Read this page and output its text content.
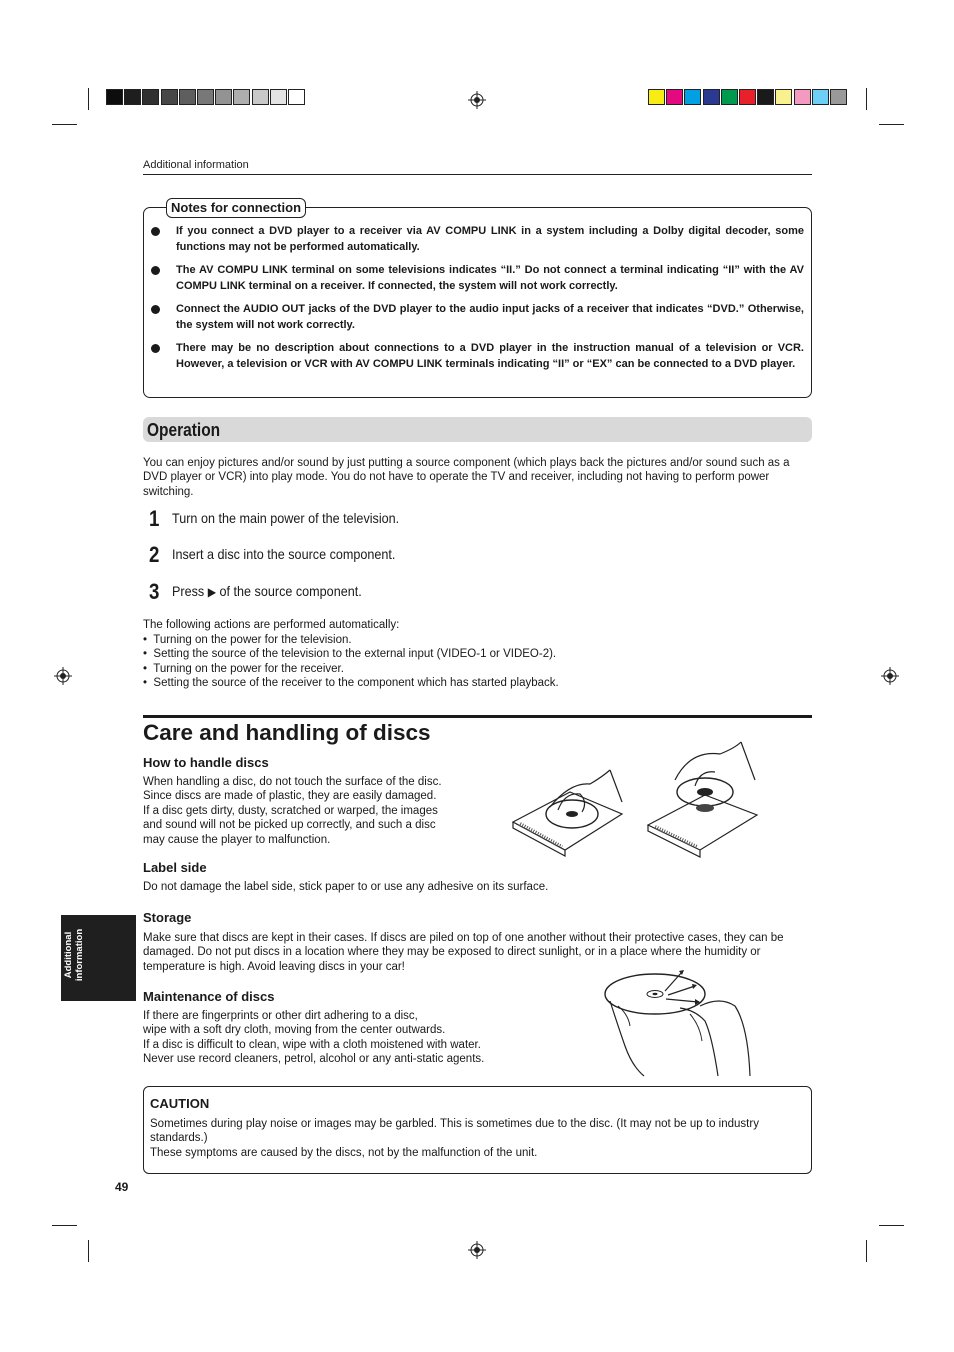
Additional information
Notes for connection
If you connect a DVD player to a receiver via AV COMPU LINK in a system including a Dolby digital decoder, some functions may not be performed automatically.
The AV COMPU LINK terminal on some televisions indicates “II.” Do not connect a terminal indicating “II” with the AV COMPU LINK terminal on a receiver. If connected, the system will not work correctly.
Connect the AUDIO OUT jacks of the DVD player to the audio input jacks of a receiver that indicates “DVD.” Otherwise, the system will not work correctly.
There may be no description about connections to a DVD player in the instruction manual of a television or VCR. However, a television or VCR with AV COMPU LINK terminals indicating “II” or “EX” can be connected to a DVD player.
Operation
You can enjoy pictures and/or sound by just putting a source component (which plays back the pictures and/or sound such as a DVD player or VCR) into play mode. You do not have to operate the TV and receiver, including not having to perform power switching.
1 Turn on the main power of the television.
2 Insert a disc into the source component.
3 Press ▶ of the source component.
The following actions are performed automatically:
•  Turning on the power for the television.
•  Setting the source of the television to the external input (VIDEO-1 or VIDEO-2).
•  Turning on the power for the receiver.
•  Setting the source of the receiver to the component which has started playback.
Care and handling of discs
How to handle discs
When handling a disc, do not touch the surface of the disc.
Since discs are made of plastic, they are easily damaged.
If a disc gets dirty, dusty, scratched or warped, the images
and sound will not be picked up correctly, and such a disc
may cause the player to malfunction.
Label side
Do not damage the label side, stick paper to or use any adhesive on its surface.
Storage
Make sure that discs are kept in their cases. If discs are piled on top of one another without their protective cases, they can be damaged. Do not put discs in a location where they may be exposed to direct sunlight, or in a place where the humidity or temperature is high. Avoid leaving discs in your car!
Maintenance of discs
If there are fingerprints or other dirt adhering to a disc,
wipe with a soft dry cloth, moving from the center outwards.
If a disc is difficult to clean, wipe with a cloth moistened with water.
Never use record cleaners, petrol, alcohol or any anti-static agents.
Additional information
CAUTION
Sometimes during play noise or images may be garbled. This is sometimes due to the disc. (It may not be up to industry standards.)
These symptoms are caused by the discs, not by the malfunction of the unit.
49
